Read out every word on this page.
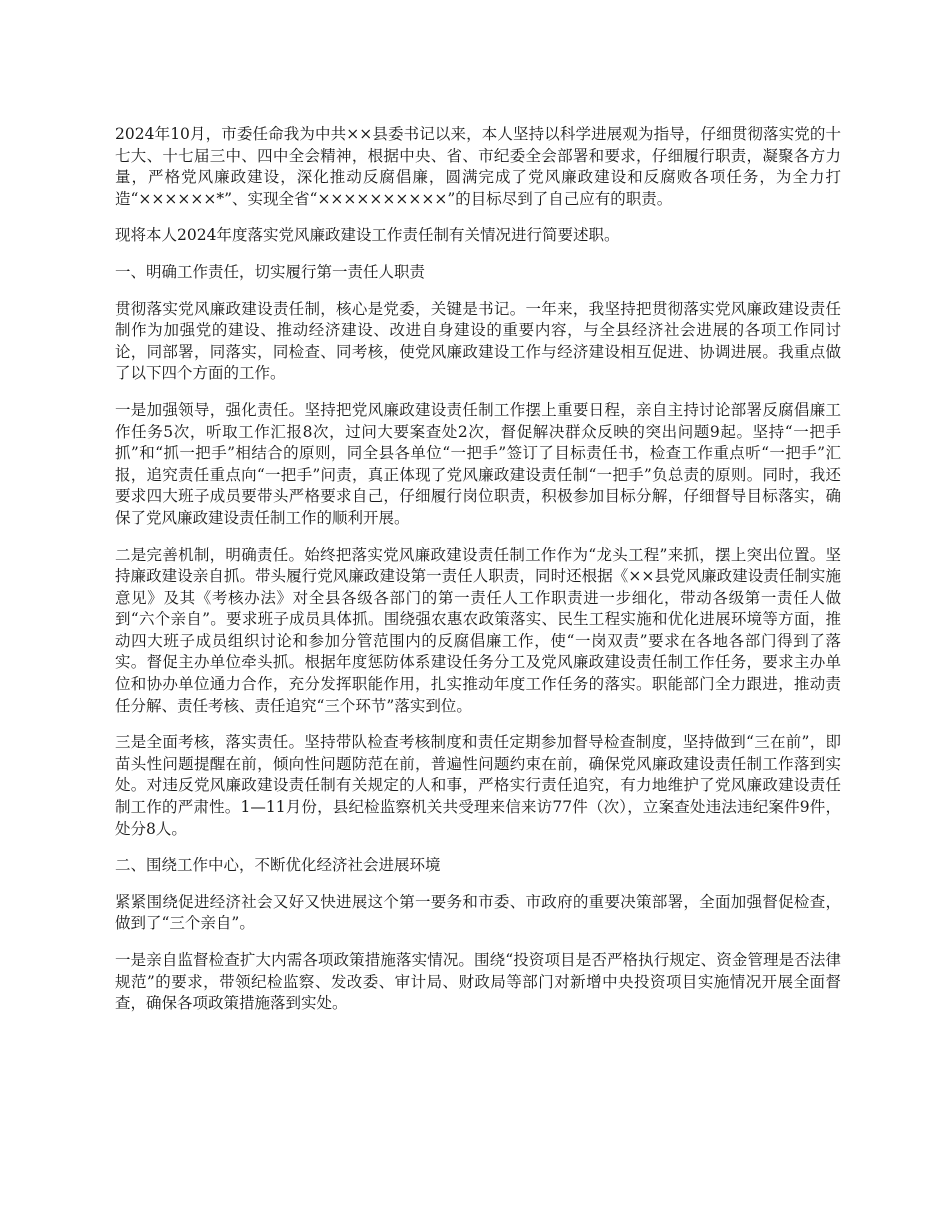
2024年10月，市委任命我为中共××县委书记以来，本人坚持以科学进展观为指导，仔细贯彻落实党的十七大、十七届三中、四中全会精神，根据中央、省、市纪委全会部署和要求，仔细履行职责，凝聚各方力量，严格党风廉政建设，深化推动反腐倡廉，圆满完成了党风廉政建设和反腐败各项任务，为全力打造“××××××*”、实现全省“××××××××××”的目标尽到了自己应有的职责。

现将本人2024年度落实党风廉政建设工作责任制有关情况进行简要述职。

一、明确工作责任，切实履行第一责任人职责

贯彻落实党风廉政建设责任制，核心是党委，关键是书记。一年来，我坚持把贯彻落实党风廉政建设责任制作为加强党的建设、推动经济建设、改进自身建设的重要内容，与全县经济社会进展的各项工作同讨论，同部署，同落实，同检查、同考核，使党风廉政建设工作与经济建设相互促进、协调进展。我重点做了以下四个方面的工作。

一是加强领导，强化责任。坚持把党风廉政建设责任制工作摆上重要日程，亲自主持讨论部署反腐倡廉工作任务5次，听取工作汇报8次，过问大要案查处2次，督促解决群众反映的突出问题9起。坚持“一把手抓”和“抓一把手”相结合的原则，同全县各单位“一把手”签订了目标责任书，检查工作重点听“一把手”汇报，追究责任重点向“一把手”问责，真正体现了党风廉政建设责任制“一把手”负总责的原则。同时，我还要求四大班子成员要带头严格要求自己，仔细履行岗位职责，积极参加目标分解，仔细督导目标落实，确保了党风廉政建设责任制工作的顺利开展。

二是完善机制，明确责任。始终把落实党风廉政建设责任制工作作为“龙头工程”来抓，摆上突出位置。坚持廉政建设亲自抓。带头履行党风廉政建设第一责任人职责，同时还根据《××县党风廉政建设责任制实施意见》及其《考核办法》对全县各级各部门的第一责任人工作职责进一步细化，带动各级第一责任人做到“六个亲自”。要求班子成员具体抓。围绕强农惠农政策落实、民生工程实施和优化进展环境等方面，推动四大班子成员组织讨论和参加分管范围内的反腐倡廉工作，使“一岗双责”要求在各地各部门得到了落实。督促主办单位牵头抓。根据年度惩防体系建设任务分工及党风廉政建设责任制工作任务，要求主办单位和协办单位通力合作，充分发挥职能作用，扎实推动年度工作任务的落实。职能部门全力跟进，推动责任分解、责任考核、责任追究“三个环节”落实到位。

三是全面考核，落实责任。坚持带队检查考核制度和责任定期参加督导检查制度，坚持做到“三在前”，即苗头性问题提醒在前，倾向性问题防范在前，普遍性问题约束在前，确保党风廉政建设责任制工作落到实处。对违反党风廉政建设责任制有关规定的人和事，严格实行责任追究，有力地维护了党风廉政建设责任制工作的严肃性。1—11月份，县纪检监察机关共受理来信来访77件（次），立案查处违法违纪案件9件，处分8人。

二、围绕工作中心，不断优化经济社会进展环境

紧紧围绕促进经济社会又好又快进展这个第一要务和市委、市政府的重要决策部署，全面加强督促检查，做到了“三个亲自”。

一是亲自监督检查扩大内需各项政策措施落实情况。围绕“投资项目是否严格执行规定、资金管理是否法律规范”的要求，带领纪检监察、发改委、审计局、财政局等部门对新增中央投资项目实施情况开展全面督查，确保各项政策措施落到实处。
